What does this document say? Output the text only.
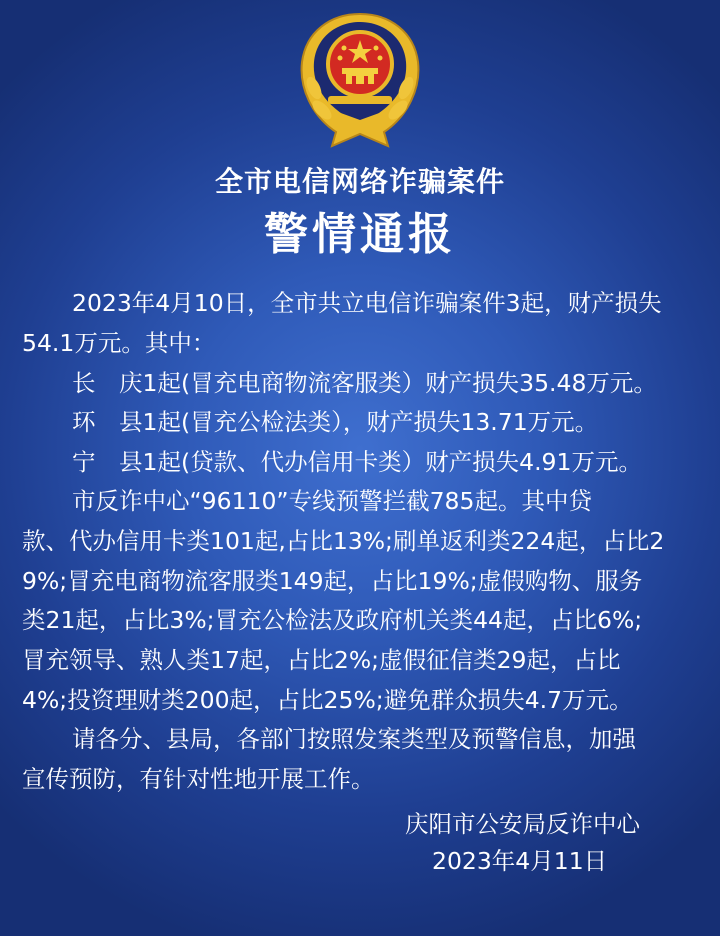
全市电信网络诈骗案件
警情通报
2023年4月10日，全市共立电信诈骗案件3起，财产损失
54.1万元。其中：
长　庆1起(冒充电商物流客服类）财产损失35.48万元。
环　县1起(冒充公检法类），财产损失13.71万元。
宁　县1起(贷款、代办信用卡类）财产损失4.91万元。
市反诈中心“96110”专线预警拦截785起。其中贷
款、代办信用卡类101起,占比13%;刷单返利类224起，占比2
9%;冒充电商物流客服类149起，占比19%;虚假购物、服务
类21起，占比3%;冒充公检法及政府机关类44起，占比6%;
冒充领导、熟人类17起，占比2%;虚假征信类29起，占比
4%;投资理财类200起，占比25%;避免群众损失4.7万元。
请各分、县局，各部门按照发案类型及预警信息，加强
宣传预防，有针对性地开展工作。
庆阳市公安局反诈中心
2023年4月11日
